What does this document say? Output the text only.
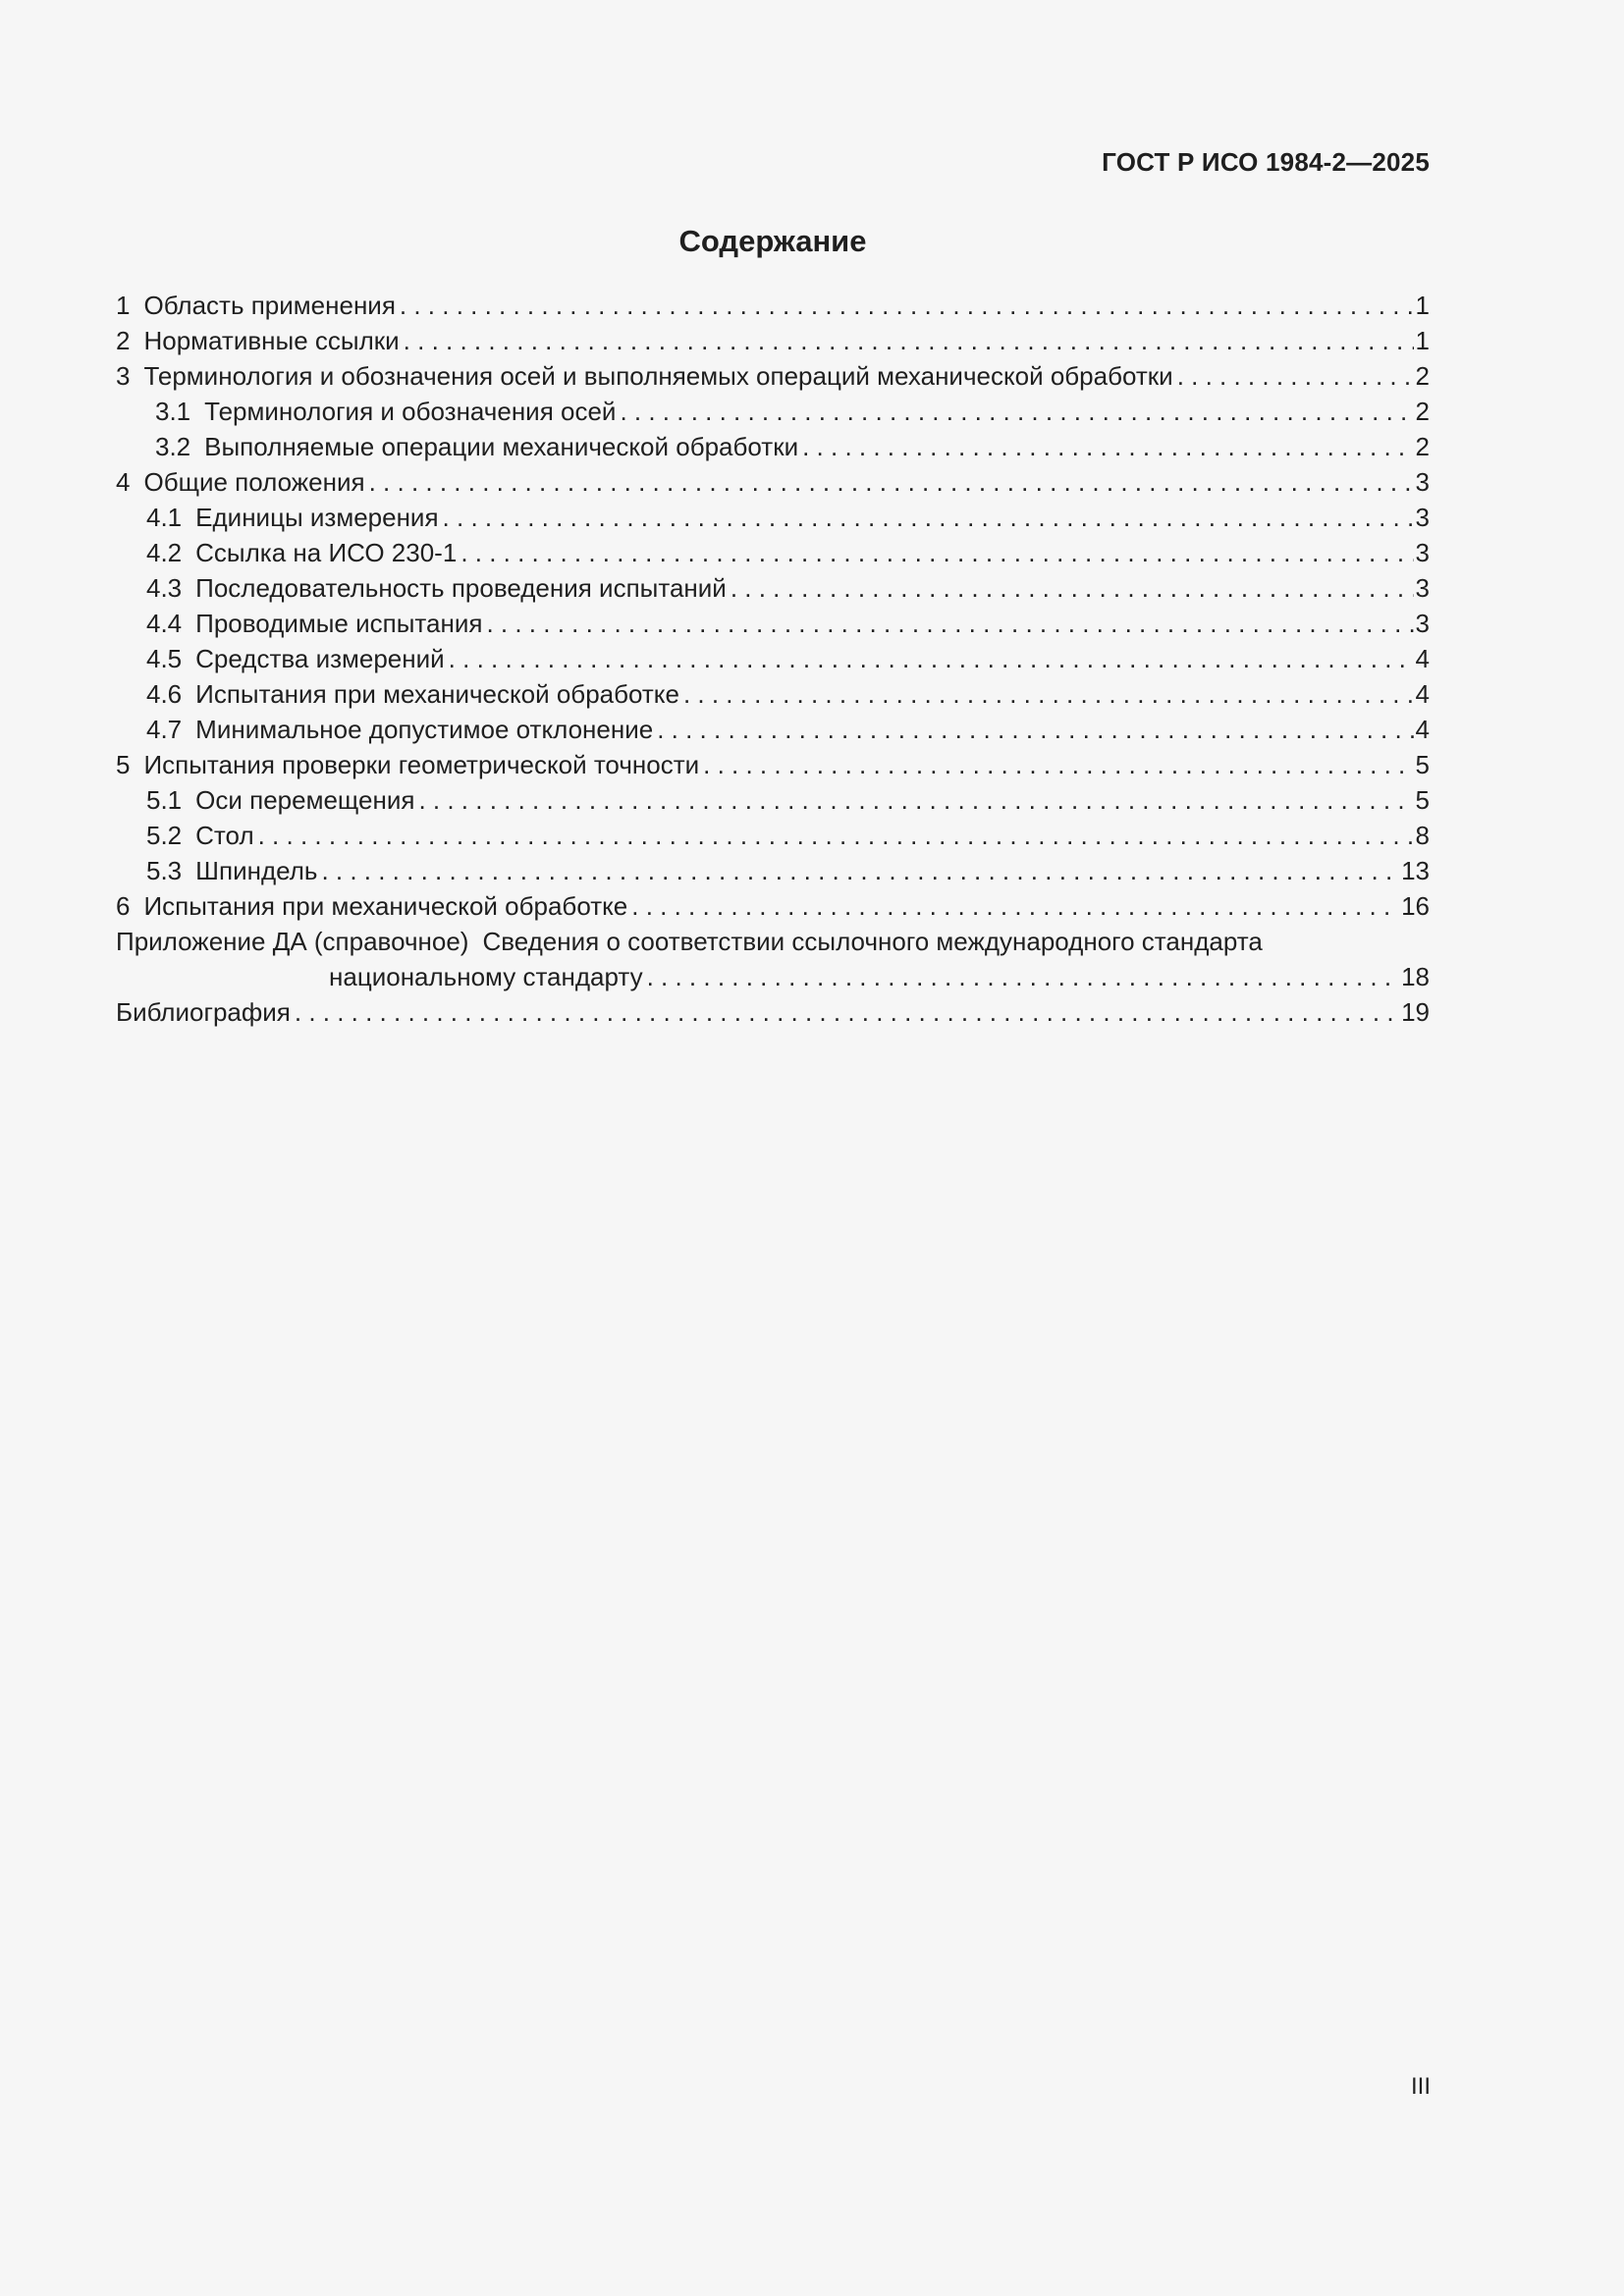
ГОСТ Р ИСО 1984-2—2025
Содержание
1 Область применения . . .	1
2 Нормативные ссылки . . .	1
3 Терминология и обозначения осей и выполняемых операций механической обработки . . .	2
3.1 Терминология и обозначения осей . . .	2
3.2 Выполняемые операции механической обработки . . .	2
4 Общие положения . . .	3
4.1 Единицы измерения . . .	3
4.2 Ссылка на ИСО 230-1 . . .	3
4.3 Последовательность проведения испытаний . . .	3
4.4 Проводимые испытания . . .	3
4.5 Средства измерений . . .	4
4.6 Испытания при механической обработке . . .	4
4.7 Минимальное допустимое отклонение . . .	4
5 Испытания проверки геометрической точности . . .	5
5.1 Оси перемещения . . .	5
5.2 Стол . . .	8
5.3 Шпиндель . . .	13
6 Испытания при механической обработке . . .	16
Приложение ДА (справочное) Сведения о соответствии ссылочного международного стандарта
национальному стандарту . . .	18
Библиография . . .	19
III
